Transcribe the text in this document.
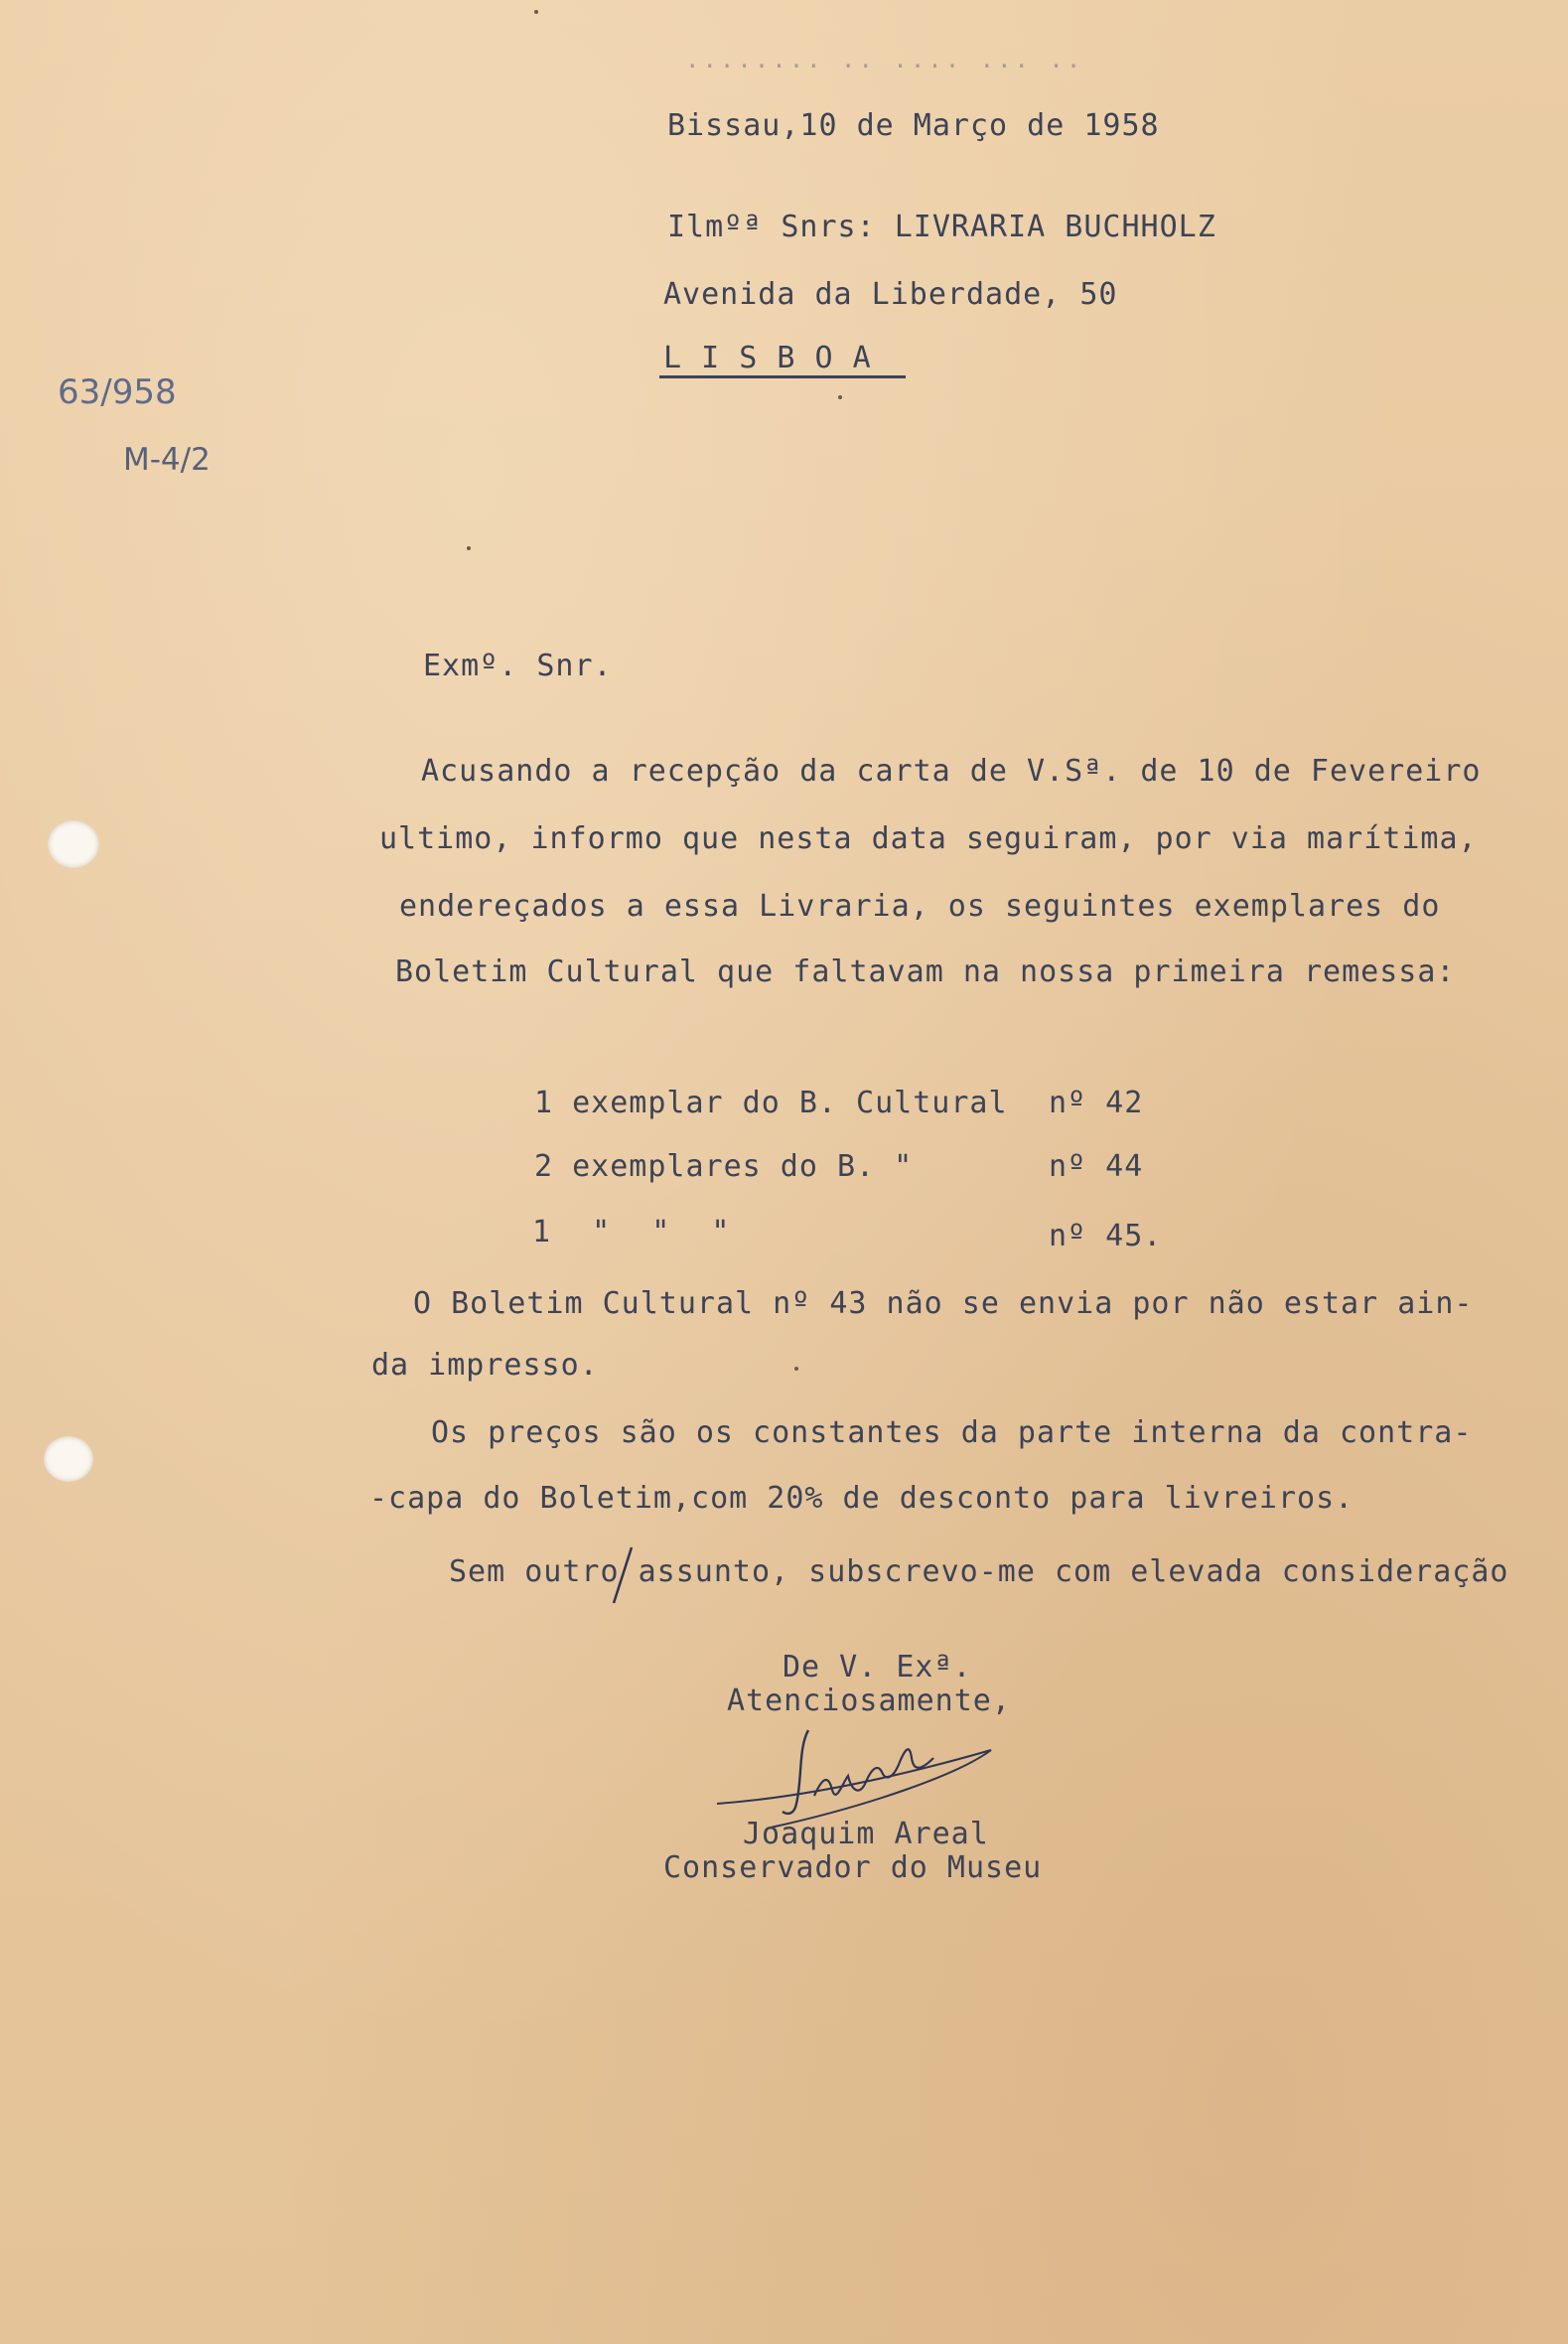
........ .. .... ... ..
Bissau,10 de Março de 1958
Ilmºª Snrs: LIVRARIA BUCHHOLZ
Avenida da Liberdade, 50
L I S B O A
63/958
M-4/2
Exmº. Snr.
Acusando a recepção da carta de V.Sª. de 10 de Fevereiro
ultimo, informo que nesta data seguiram, por via marítima,
endereçados a essa Livraria, os seguintes exemplares do
Boletim Cultural que faltavam na nossa primeira remessa:
1 exemplar do B. Cultural nº 42
2 exemplares do B. "	nº 44
1 " " "	nº 45.
O Boletim Cultural nº 43 não se envia por não estar ain-
da impresso.
Os preços são os constantes da parte interna da contra-
-capa do Boletim,com 20% de desconto para livreiros.
Sem outro assunto, subscrevo-me com elevada consideração
De V. Exª.
Atenciosamente,
Joaquim Areal
Conservador do Museu
